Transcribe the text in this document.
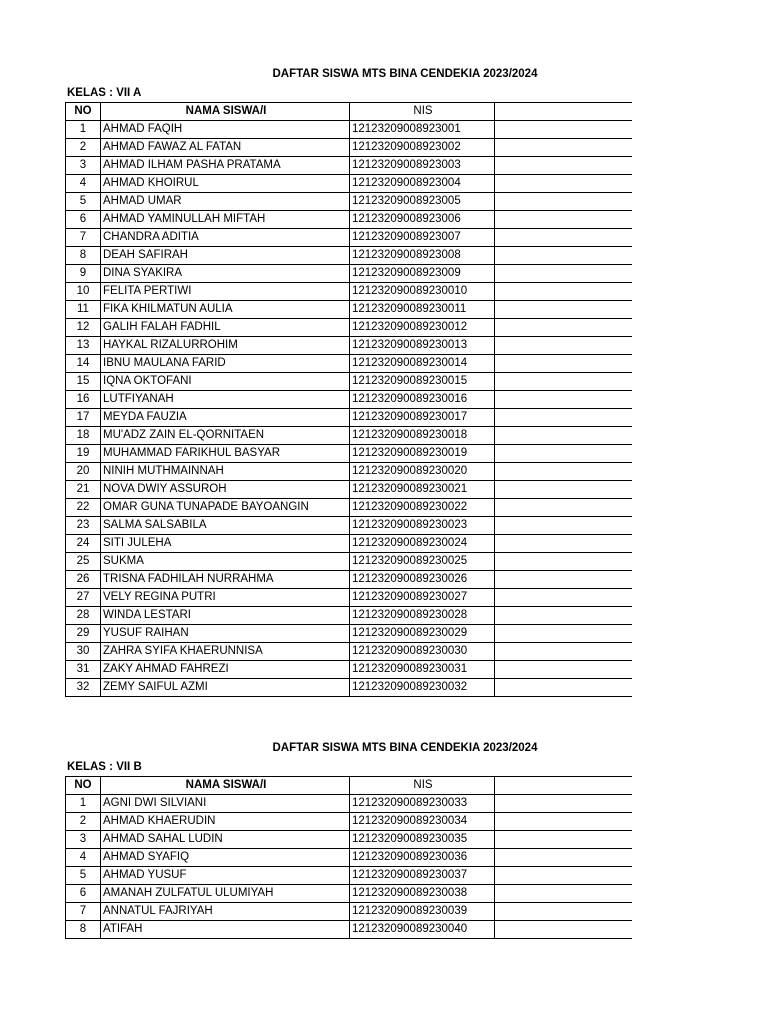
DAFTAR SISWA MTS BINA CENDEKIA 2023/2024
KELAS : VII A
NO	NAMA SISWA/I	NIS	
1	AHMAD FAQIH	12123209008923001	
2	AHMAD FAWAZ AL FATAN	12123209008923002	
3	AHMAD ILHAM PASHA PRATAMA	12123209008923003	
4	AHMAD KHOIRUL	12123209008923004	
5	AHMAD UMAR	12123209008923005	
6	AHMAD YAMINULLAH MIFTAH	12123209008923006	
7	CHANDRA ADITIA	12123209008923007	
8	DEAH SAFIRAH	12123209008923008	
9	DINA SYAKIRA	12123209008923009	
10	FELITA PERTIWI	121232090089230010	
11	FIKA KHILMATUN AULIA	121232090089230011	
12	GALIH FALAH FADHIL	121232090089230012	
13	HAYKAL RIZALURROHIM	121232090089230013	
14	IBNU MAULANA FARID	121232090089230014	
15	IQNA OKTOFANI	121232090089230015	
16	LUTFIYANAH	121232090089230016	
17	MEYDA FAUZIA	121232090089230017	
18	MU'ADZ ZAIN EL-QORNITAEN	121232090089230018	
19	MUHAMMAD FARIKHUL BASYAR	121232090089230019	
20	NINIH MUTHMAINNAH	121232090089230020	
21	NOVA DWIY ASSUROH	121232090089230021	
22	OMAR GUNA TUNAPADE BAYOANGIN	121232090089230022	
23	SALMA SALSABILA	121232090089230023	
24	SITI JULEHA	121232090089230024	
25	SUKMA	121232090089230025	
26	TRISNA FADHILAH NURRAHMA	121232090089230026	
27	VELY REGINA PUTRI	121232090089230027	
28	WINDA LESTARI	121232090089230028	
29	YUSUF RAIHAN	121232090089230029	
30	ZAHRA SYIFA KHAERUNNISA	121232090089230030	
31	ZAKY AHMAD FAHREZI	121232090089230031	
32	ZEMY SAIFUL AZMI	121232090089230032	
DAFTAR SISWA MTS BINA CENDEKIA 2023/2024
KELAS : VII B
NO	NAMA SISWA/I	NIS	
1	AGNI DWI SILVIANI	121232090089230033	
2	AHMAD KHAERUDIN	121232090089230034	
3	AHMAD SAHAL LUDIN	121232090089230035	
4	AHMAD SYAFIQ	121232090089230036	
5	AHMAD YUSUF	121232090089230037	
6	AMANAH ZULFATUL ULUMIYAH	121232090089230038	
7	ANNATUL FAJRIYAH	121232090089230039	
8	ATIFAH	121232090089230040	
